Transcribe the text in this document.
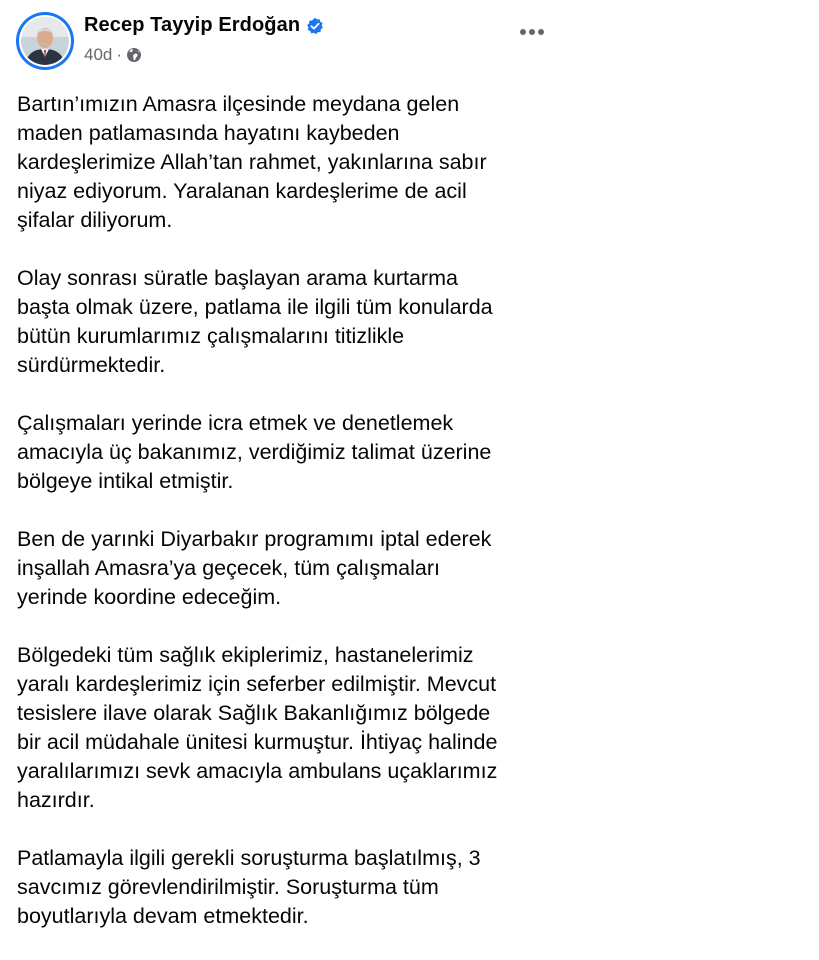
Recep Tayyip Erdoğan
40d ·

Bartın’ımızın Amasra ilçesinde meydana gelen
maden patlamasında hayatını kaybeden
kardeşlerimize Allah’tan rahmet, yakınlarına sabır
niyaz ediyorum. Yaralanan kardeşlerime de acil
şifalar diliyorum.

Olay sonrası süratle başlayan arama kurtarma
başta olmak üzere, patlama ile ilgili tüm konularda
bütün kurumlarımız çalışmalarını titizlikle
sürdürmektedir.

Çalışmaları yerinde icra etmek ve denetlemek
amacıyla üç bakanımız, verdiğimiz talimat üzerine
bölgeye intikal etmiştir.

Ben de yarınki Diyarbakır programımı iptal ederek
inşallah Amasra’ya geçecek, tüm çalışmaları
yerinde koordine edeceğim.

Bölgedeki tüm sağlık ekiplerimiz, hastanelerimiz
yaralı kardeşlerimiz için seferber edilmiştir. Mevcut
tesislere ilave olarak Sağlık Bakanlığımız bölgede
bir acil müdahale ünitesi kurmuştur. İhtiyaç halinde
yaralılarımızı sevk amacıyla ambulans uçaklarımız
hazırdır.

Patlamayla ilgili gerekli soruşturma başlatılmış, 3
savcımız görevlendirilmiştir. Soruşturma tüm
boyutlarıyla devam etmektedir.
